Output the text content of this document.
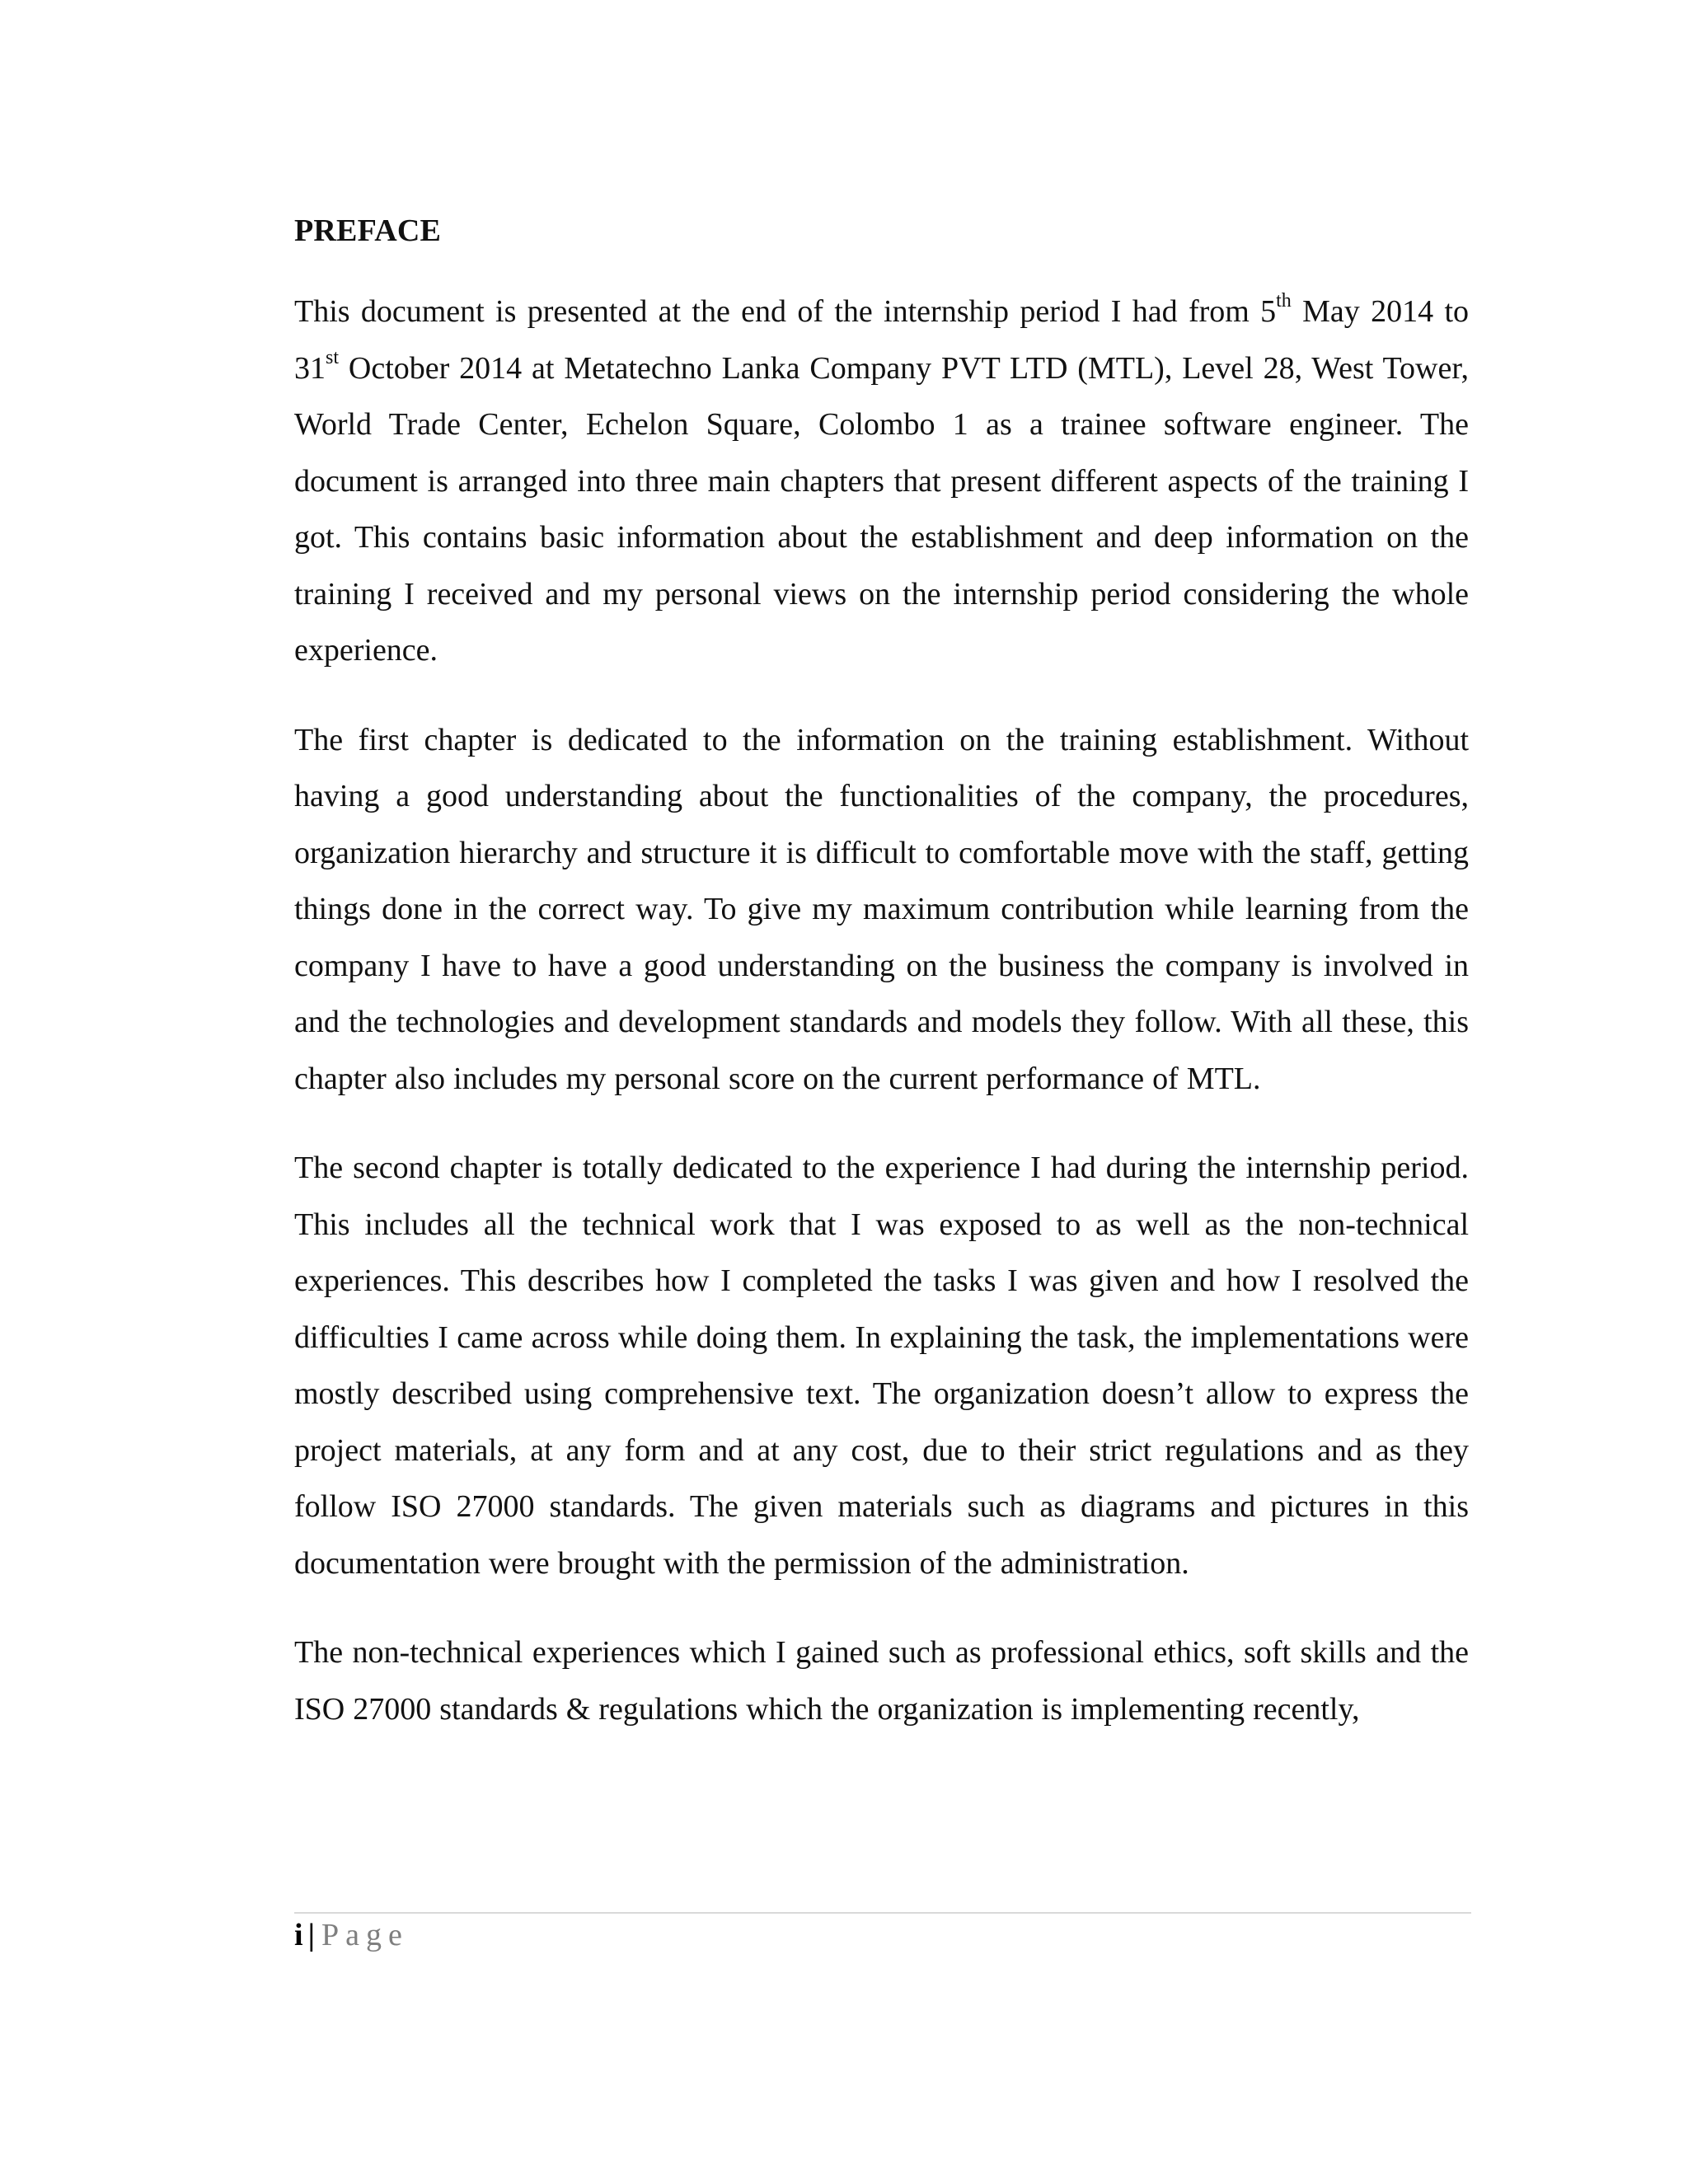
PREFACE

This document is presented at the end of the internship period I had from 5th May 2014 to 31st October 2014 at Metatechno Lanka Company PVT LTD (MTL), Level 28, West Tower, World Trade Center, Echelon Square, Colombo 1 as a trainee software engineer. The document is arranged into three main chapters that present different aspects of the training I got. This contains basic information about the establishment and deep information on the training I received and my personal views on the internship period considering the whole experience.

The first chapter is dedicated to the information on the training establishment. Without having a good understanding about the functionalities of the company, the procedures, organization hierarchy and structure it is difficult to comfortable move with the staff, getting things done in the correct way. To give my maximum contribution while learning from the company I have to have a good understanding on the business the company is involved in and the technologies and development standards and models they follow. With all these, this chapter also includes my personal score on the current performance of MTL.

The second chapter is totally dedicated to the experience I had during the internship period. This includes all the technical work that I was exposed to as well as the non-technical experiences. This describes how I completed the tasks I was given and how I resolved the difficulties I came across while doing them. In explaining the task, the implementations were mostly described using comprehensive text. The organization doesn’t allow to express the project materials, at any form and at any cost, due to their strict regulations and as they follow ISO 27000 standards. The given materials such as diagrams and pictures in this documentation were brought with the permission of the administration.

The non-technical experiences which I gained such as professional ethics, soft skills and the ISO 27000 standards & regulations which the organization is implementing recently,

i | Page
